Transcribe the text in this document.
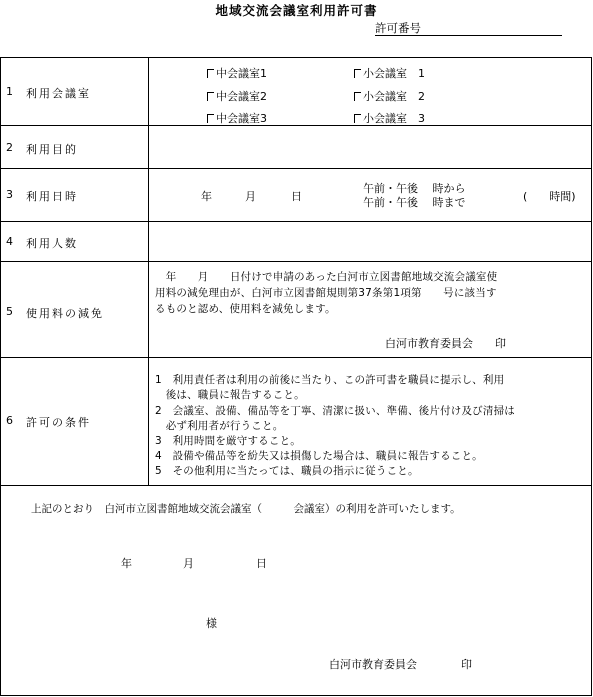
地域交流会議室利用許可書
許可番号
1 利用会議室
中会議室1
中会議室2
中会議室3
小会議室　1
小会議室　2
小会議室　3
2 利用目的
3 利用日時	年	月	日
午前・午後　 時から
午前・午後　 時まで	(　　時間)
4 利用人数
5 使用料の減免
　年　　月　　日付けで申請のあった白河市立図書館地域交流会議室使
用料の減免理由が、白河市立図書館規則第37条第1項第　　号に該当す
るものと認め、使用料を減免します。
白河市教育委員会　　印
6 許可の条件
1　利用責任者は利用の前後に当たり、この許可書を職員に提示し、利用
　後は、職員に報告すること。
2　会議室、設備、備品等を丁寧、清潔に扱い、準備、後片付け及び清掃は
　必ず利用者が行うこと。
3　利用時間を厳守すること。
4　設備や備品等を紛失又は損傷した場合は、職員に報告すること。
5　その他利用に当たっては、職員の指示に従うこと。
上記のとおり　白河市立図書館地域交流会議室（　　　会議室）の利用を許可いたします。
年	月	日
様
白河市教育委員会　　　　印
